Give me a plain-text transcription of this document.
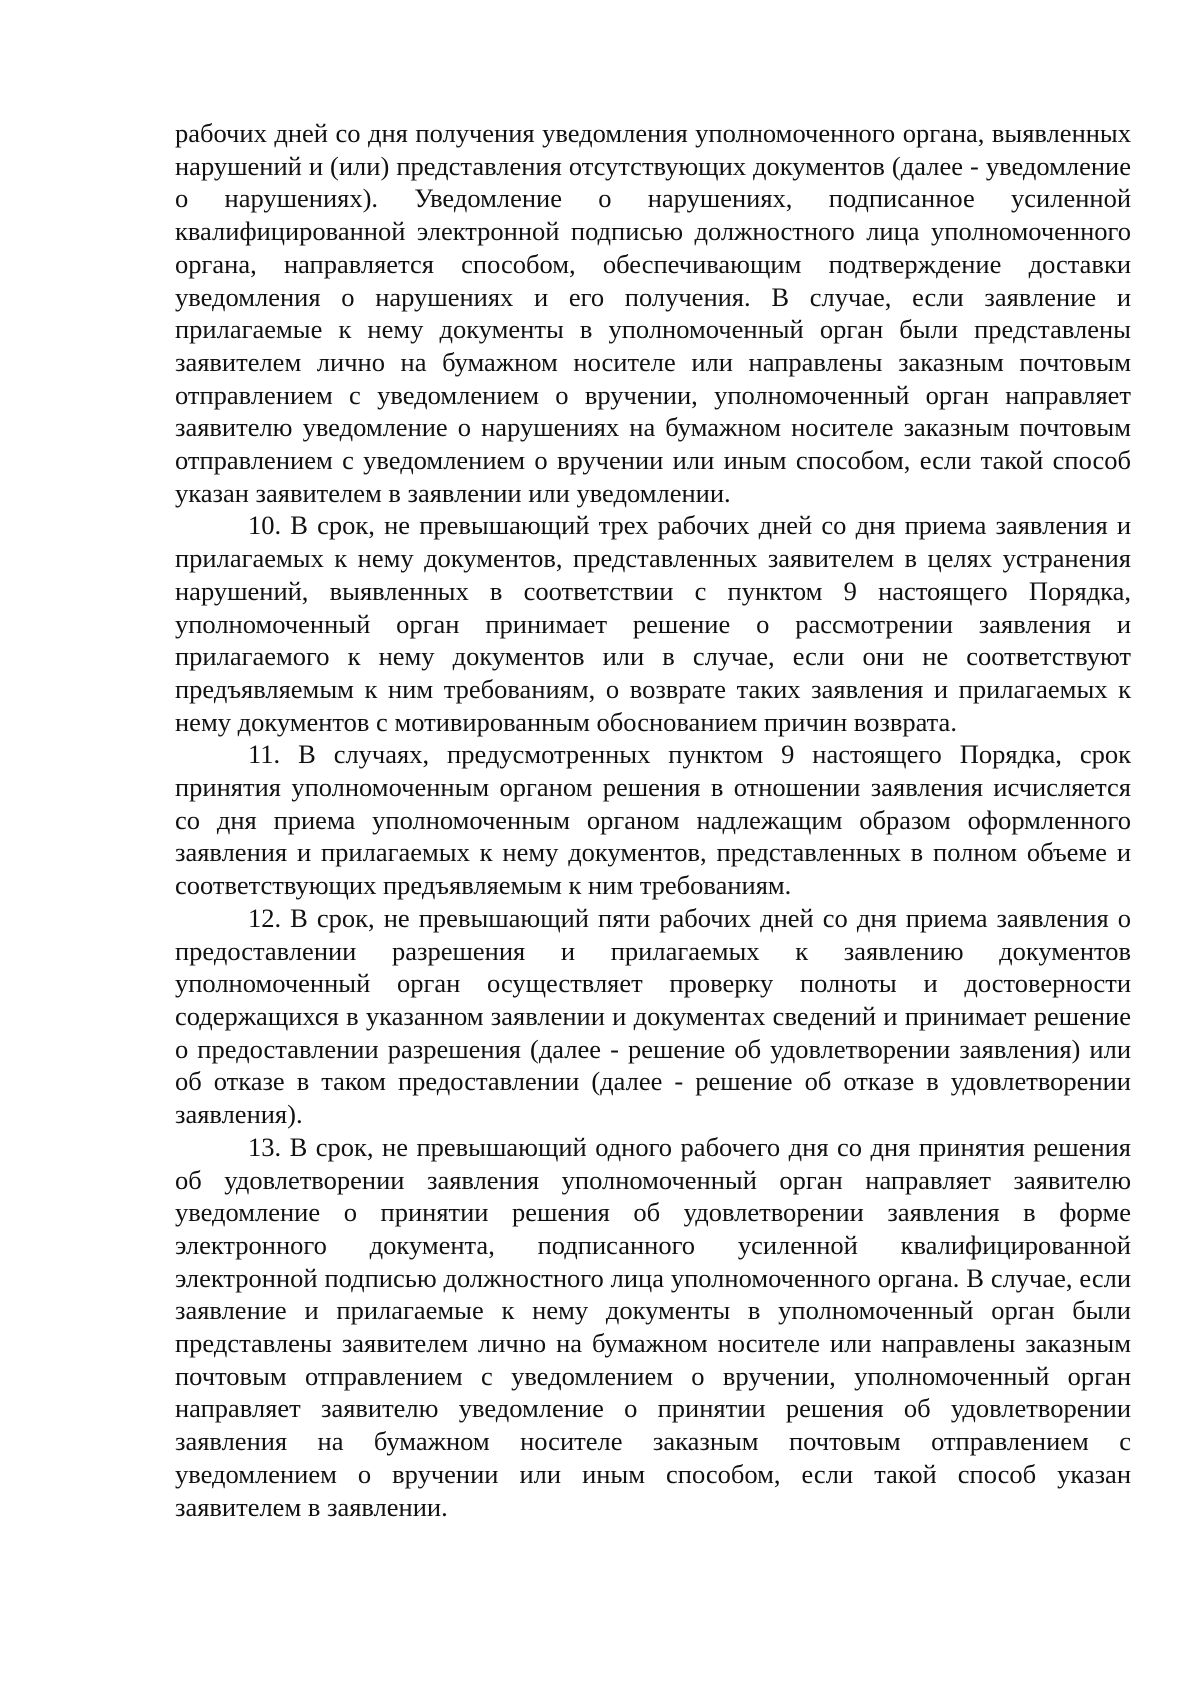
рабочих дней со дня получения уведомления уполномоченного органа, выявленных нарушений и (или) представления отсутствующих документов (далее - уведомление о нарушениях). Уведомление о нарушениях, подписанное усиленной квалифицированной электронной подписью должностного лица уполномоченного органа, направляется способом, обеспечивающим подтверждение доставки уведомления о нарушениях и его получения. В случае, если заявление и прилагаемые к нему документы в уполномоченный орган были представлены заявителем лично на бумажном носителе или направлены заказным почтовым отправлением с уведомлением о вручении, уполномоченный орган направляет заявителю уведомление о нарушениях на бумажном носителе заказным почтовым отправлением с уведомлением о вручении или иным способом, если такой способ указан заявителем в заявлении или уведомлении.

10. В срок, не превышающий трех рабочих дней со дня приема заявления и прилагаемых к нему документов, представленных заявителем в целях устранения нарушений, выявленных в соответствии с пунктом 9 настоящего Порядка, уполномоченный орган принимает решение о рассмотрении заявления и прилагаемого к нему документов или в случае, если они не соответствуют предъявляемым к ним требованиям, о возврате таких заявления и прилагаемых к нему документов с мотивированным обоснованием причин возврата.

11. В случаях, предусмотренных пунктом 9 настоящего Порядка, срок принятия уполномоченным органом решения в отношении заявления исчисляется со дня приема уполномоченным органом надлежащим образом оформленного заявления и прилагаемых к нему документов, представленных в полном объеме и соответствующих предъявляемым к ним требованиям.

12. В срок, не превышающий пяти рабочих дней со дня приема заявления о предоставлении разрешения и прилагаемых к заявлению документов уполномоченный орган осуществляет проверку полноты и достоверности содержащихся в указанном заявлении и документах сведений и принимает решение о предоставлении разрешения (далее - решение об удовлетворении заявления) или об отказе в таком предоставлении (далее - решение об отказе в удовлетворении заявления).

13. В срок, не превышающий одного рабочего дня со дня принятия решения об удовлетворении заявления уполномоченный орган направляет заявителю уведомление о принятии решения об удовлетворении заявления в форме электронного документа, подписанного усиленной квалифицированной электронной подписью должностного лица уполномоченного органа. В случае, если заявление и прилагаемые к нему документы в уполномоченный орган были представлены заявителем лично на бумажном носителе или направлены заказным почтовым отправлением с уведомлением о вручении, уполномоченный орган направляет заявителю уведомление о принятии решения об удовлетворении заявления на бумажном носителе заказным почтовым отправлением с уведомлением о вручении или иным способом, если такой способ указан заявителем в заявлении.
